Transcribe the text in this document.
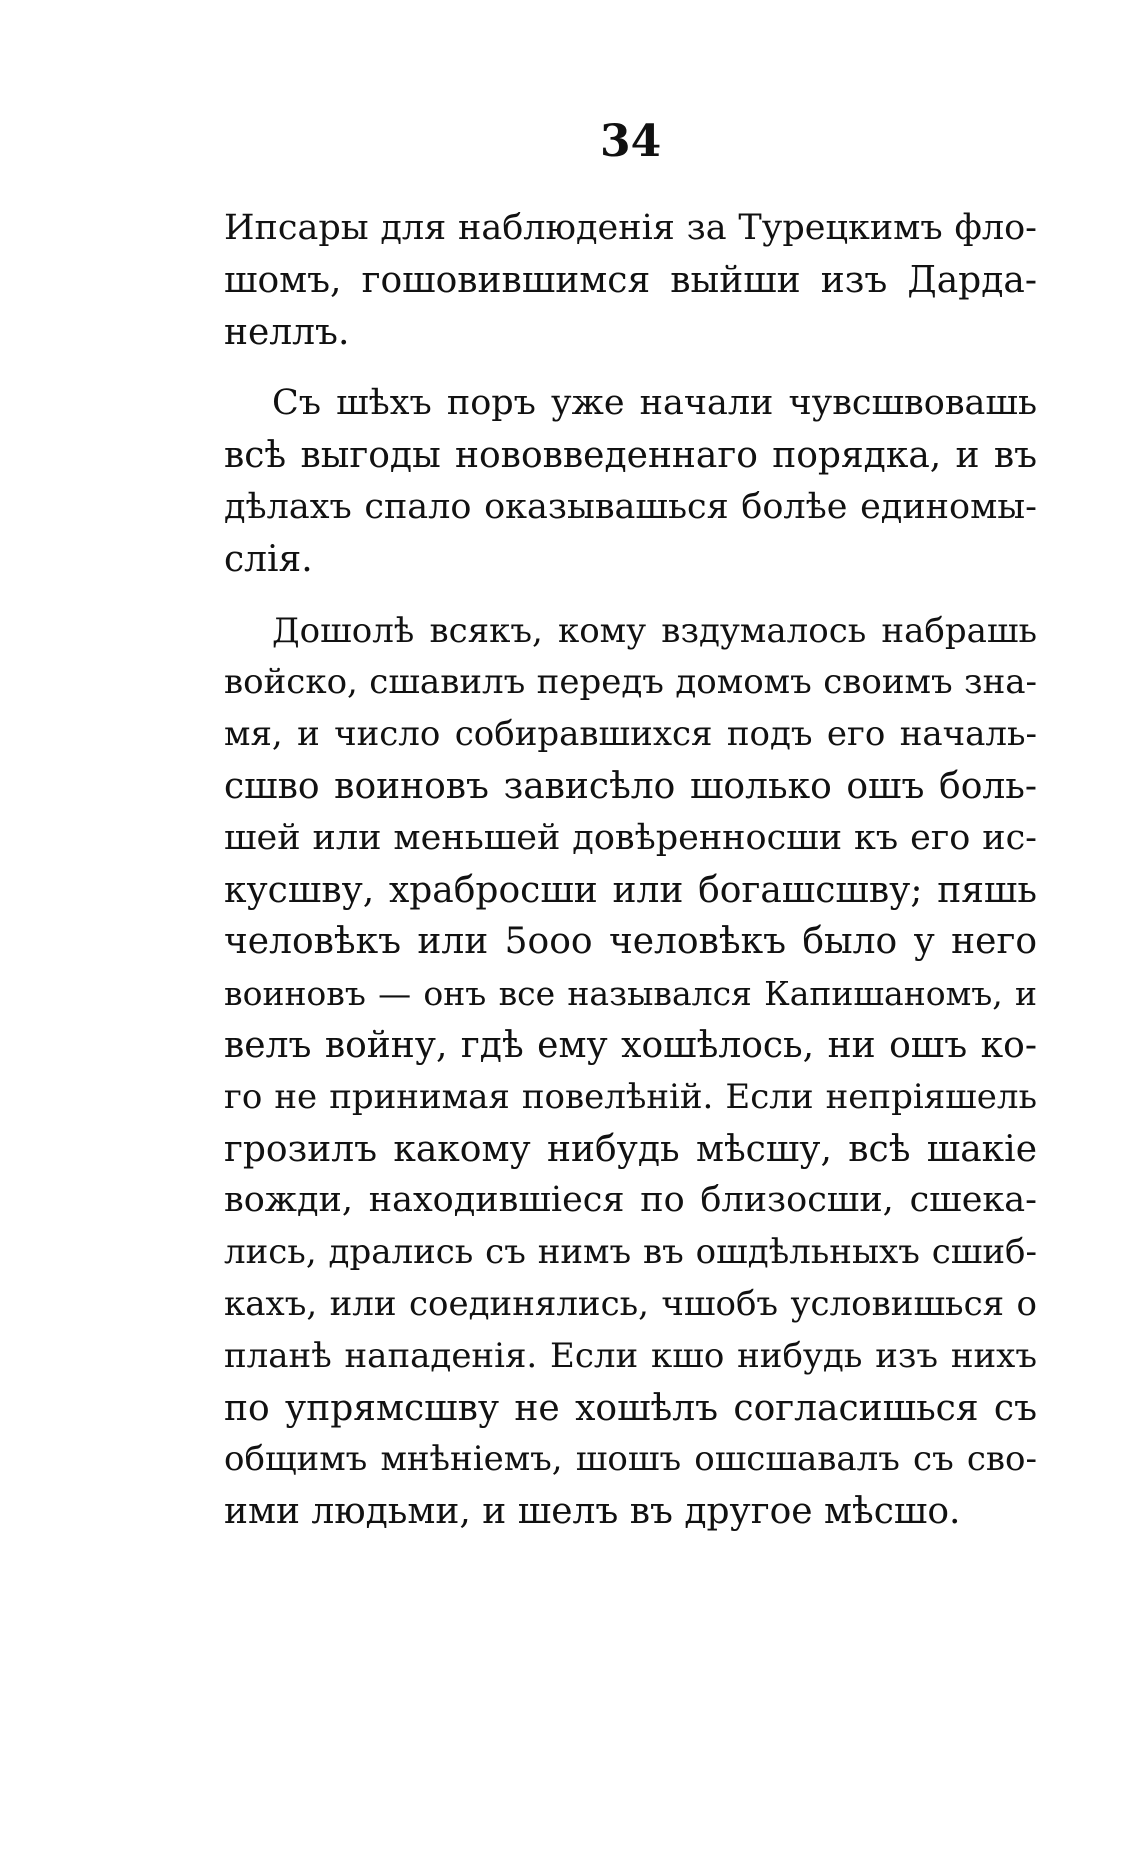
34
Ипсары для наблюденія за Турецкимъ фло-
шомъ, гошовившимся выйши изъ Дарда-
неллъ.
Съ шѣхъ поръ уже начали чувсшвовашь
всѣ выгоды нововведеннаго порядка, и въ
дѣлахъ спало оказывашься болѣе единомы-
слія.
Дошолѣ всякъ, кому вздумалось набрашь
войско, сшавилъ передъ домомъ своимъ зна-
мя, и число собиравшихся подъ его началь-
сшво воиновъ зависѣло шолько ошъ боль-
шей или меньшей довѣренносши къ его ис-
кусшву, храбросши или богашсшву; пяшь
человѣкъ или 5ооо человѣкъ было у него
воиновъ — онъ все назывался Капишаномъ, и
велъ войну, гдѣ ему хошѣлось, ни ошъ ко-
го не принимая повелѣній. Если непріяшель
грозилъ какому нибудь мѣсшу, всѣ шакіе
вожди, находившіеся по близосши, сшека-
лись, дрались съ нимъ въ ошдѣльныхъ сшиб-
кахъ, или соединялись, чшобъ условишься о
планѣ нападенія. Если кшо нибудь изъ нихъ
по упрямсшву не хошѣлъ согласишься съ
общимъ мнѣніемъ, шошъ ошсшавалъ съ сво-
ими людьми, и шелъ въ другое мѣсшо.
